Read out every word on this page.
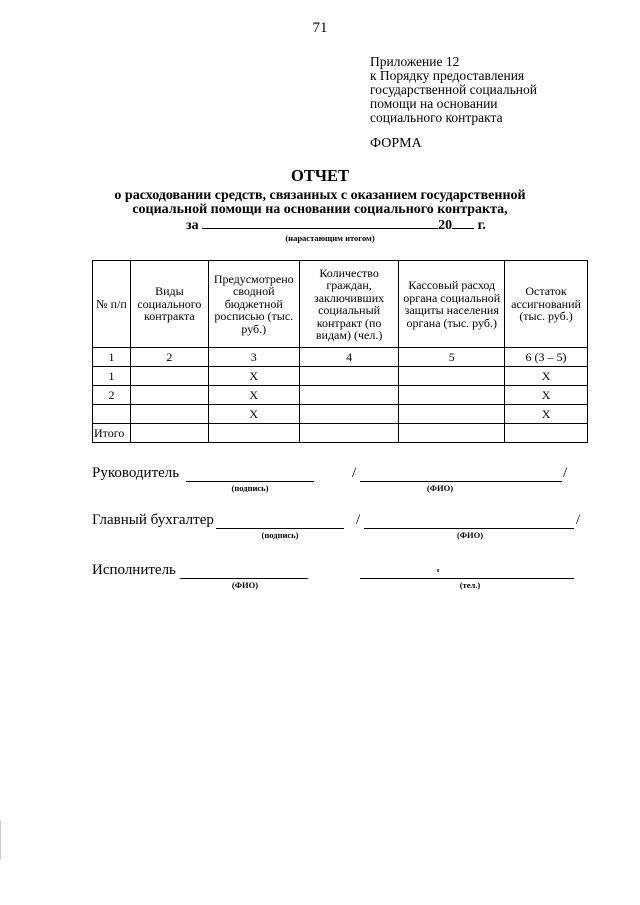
71
Приложение 12
к Порядку предоставления
государственной социальной
помощи на основании
социального контракта
ФОРМА
ОТЧЕТ
о расходовании средств, связанных с оказанием государственной
социальной помощи на основании социального контракта,
за	20 г.
(нарастающим итогом)
№ п/п	Виды социального контракта	Предусмотрено сводной бюджетной росписью (тыс. руб.)	Количество граждан, заключивших социальный контракт (по видам) (чел.)	Кассовый расход органа социальной защиты населения органа (тыс. руб.)	Остаток ассигнований (тыс. руб.)
1	2	3	4	5	6 (3 – 5)
1		Х			Х
2		Х			Х
		Х			Х
Итого					
Руководитель
(подпись)
/	/
(ФИО)
Главный бухгалтер
(подпись)
/	/
(ФИО)
Исполнитель
(ФИО)	(тел.)
